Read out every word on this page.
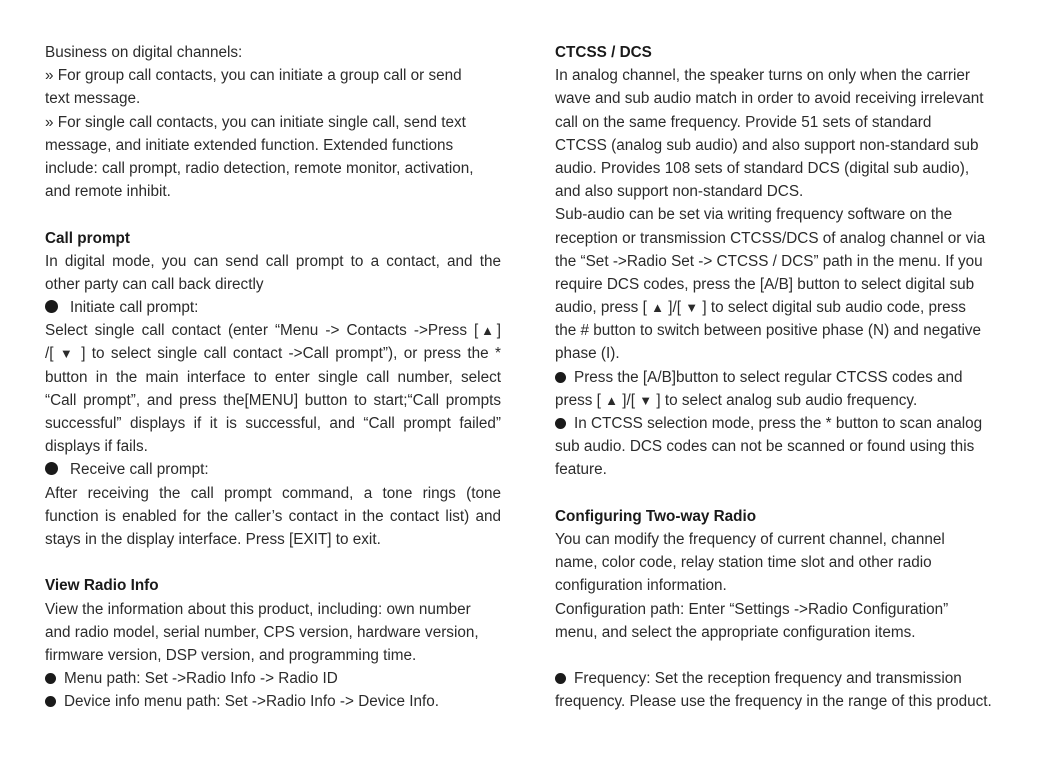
Business on digital channels:
» For group call contacts, you can initiate a group call or send
text message.
» For single call contacts, you can initiate single call, send text
message, and initiate extended function. Extended functions
include: call prompt, radio detection, remote monitor, activation,
and remote inhibit.
Call prompt
In digital mode, you can send call prompt to a contact, and the
other party can call back directly
Initiate call prompt:
Select single call contact (enter “Menu -> Contacts ->Press [▲]
/[ ▼ ] to select single call contact ->Call prompt”), or press the *
button in the main interface to enter single call number, select
“Call prompt”, and press the[MENU] button to start;“Call prompts
successful” displays if it is successful, and “Call prompt failed”
displays if fails.
Receive call prompt:
After receiving the call prompt command, a tone rings (tone
function is enabled for the caller’s contact in the contact list) and
stays in the display interface. Press [EXIT] to exit.
View Radio Info
View the information about this product, including: own number
and radio model, serial number, CPS version, hardware version,
firmware version, DSP version, and programming time.
Menu path: Set ->Radio Info -> Radio ID
Device info menu path: Set ->Radio Info -> Device Info.
CTCSS / DCS
In analog channel, the speaker turns on only when the carrier
wave and sub audio match in order to avoid receiving irrelevant
call on the same frequency. Provide 51 sets of standard
CTCSS (analog sub audio) and also support non-standard sub
audio. Provides 108 sets of standard DCS (digital sub audio),
and also support non-standard DCS.
Sub-audio can be set via writing frequency software on the
reception or transmission CTCSS/DCS of analog channel or via
the “Set ->Radio Set -> CTCSS / DCS” path in the menu. If you
require DCS codes, press the [A/B] button to select digital sub
audio, press [ ▲ ]/[ ▼ ] to select digital sub audio code, press
the # button to switch between positive phase (N) and negative
phase (I).
Press the [A/B]button to select regular CTCSS codes and
press [ ▲ ]/[ ▼ ] to select analog sub audio frequency.
In CTCSS selection mode, press the * button to scan analog
sub audio. DCS codes can not be scanned or found using this
feature.
Configuring Two-way Radio
You can modify the frequency of current channel, channel
name, color code, relay station time slot and other radio
configuration information.
Configuration path: Enter “Settings ->Radio Configuration”
menu, and select the appropriate configuration items.
Frequency: Set the reception frequency and transmission
frequency. Please use the frequency in the range of this product.
